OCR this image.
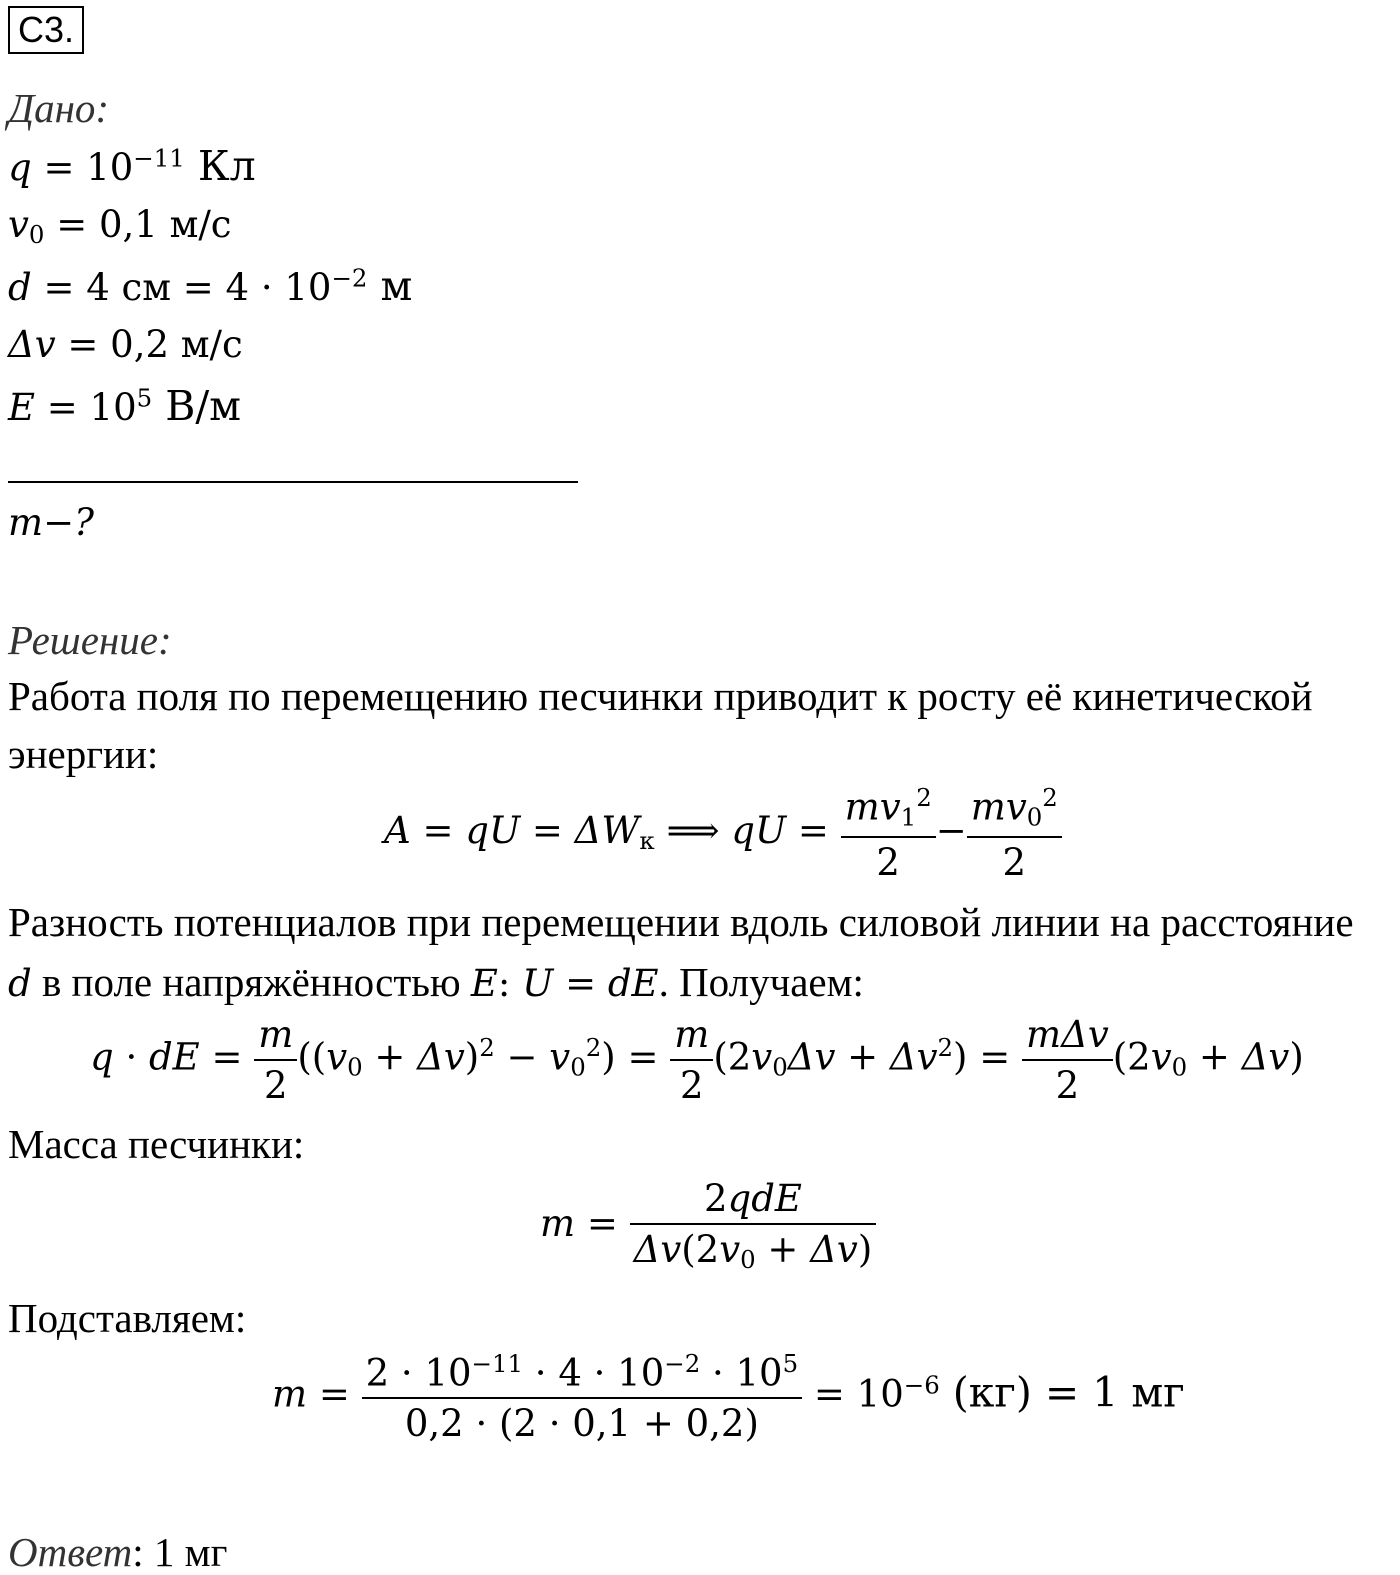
С3.
Дано:
$q = 10^{-11}$ Кл
$v_0 = 0,1$ м/с
d = 4 см = $4 \cdot 10^{-2}$ м
Δv = 0,2 м/с
$E = 10^5$ В/м
m−?
Решение:
Работа поля по перемещению песчинки приводит к росту её кинетической
энергии:
A = qU = $\Delta W_к$ ⟹ qU = $\frac{mv_1^2}{2} - \frac{mv_0^2}{2}$
Разность потенциалов при перемещении вдоль силовой линии на расстояние
d в поле напряжённостью E: U = dE. Получаем:
q · dE = $\frac{m}{2} ((v_0 + \Delta v)^2 - v_0^2) = \frac{m}{2} (2v_0\Delta v + \Delta v^2) = \frac{\text{mΔv}}{2} (2v_0 + \Delta v)$
Масса песчинки:
$m = \frac{\text{2qdE}}{\Delta v(2v_0 + \Delta v)}$
Подставляем:
$m = \frac{2 \cdot 10^{-11} \cdot 4 \cdot 10^{-2} \cdot 10^5}{0,2 \cdot (2 \cdot 0,1 + 0,2)} = 10^{-6}$ (кг) = 1 мг
Ответ: 1 мг
